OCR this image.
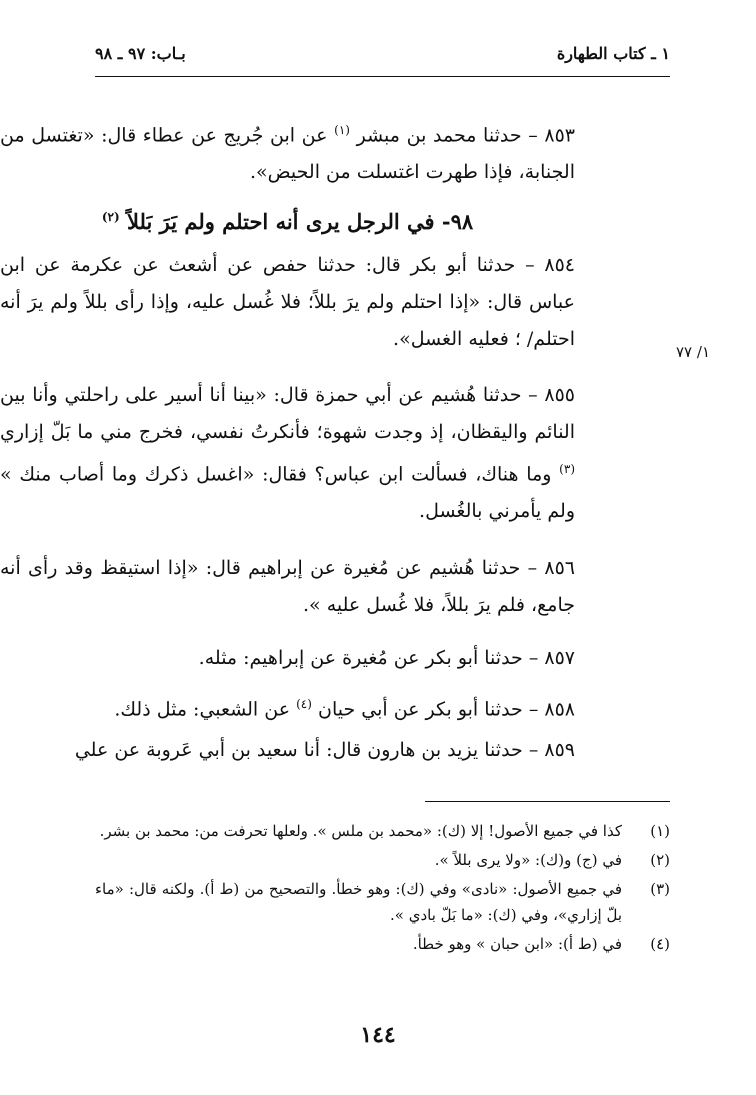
١ ـ كتاب الطهارة
بـاب: ٩٧ ـ ٩٨
٨٥٣ – حدثنا محمد بن مبشر $^{(١)}$ عن ابن جُريج عن عطاء قال: «تغتسل من الجنابة، فإذا طهرت اغتسلت من الحيض».
٩٨- في الرجل يرى أنه احتلم ولم يَرَ بَللاً $^{(٢)}$
٨٥٤ – حدثنا أبو بكر قال: حدثنا حفص عن أشعث عن عكرمة عن ابن عباس قال: «إذا احتلم ولم يرَ بللاً؛ فلا غُسل عليه، وإذا رأى بللاً ولم يرَ أنه احتلم/ ؛ فعليه الغسل».
١/ ٧٧
٨٥٥ – حدثنا هُشيم عن أبي حمزة قال: «بينا أنا أسير على راحلتي وأنا بين النائم واليقظان، إذ وجدت شهوة؛ فأنكرتُ نفسي، فخرج مني ما بَلّ إزاري $^{(٣)}$ وما هناك، فسألت ابن عباس؟ فقال: «اغسل ذكرك وما أصاب منك » ولم يأمرني بالغُسل.
٨٥٦ – حدثنا هُشيم عن مُغيرة عن إبراهيم قال: «إذا استيقظ وقد رأى أنه جامع، فلم يرَ بللاً، فلا غُسل عليه ».
٨٥٧ – حدثنا أبو بكر عن مُغيرة عن إبراهيم: مثله.
٨٥٨ – حدثنا أبو بكر عن أبي حيان $^{(٤)}$ عن الشعبي: مثل ذلك.
٨٥٩ – حدثنا يزيد بن هارون قال: أنا سعيد بن أبي عَروبة عن علي
(١)
كذا في جميع الأصول! إلا (ك): «محمد بن ملس ». ولعلها تحرفت من: محمد بن بشر.
(٢)
في (ج) و(ك): «ولا يرى بللاً ».
(٣)
في جميع الأصول: «نادى» وفي (ك): وهو خطأ. والتصحيح من (ط أ). ولكنه قال: «ماء بلّ إزاري»، وفي (ك): «ما بَلّ بادي ».
(٤)
في (ط أ): «ابن حبان » وهو خطأ.
١٤٤
